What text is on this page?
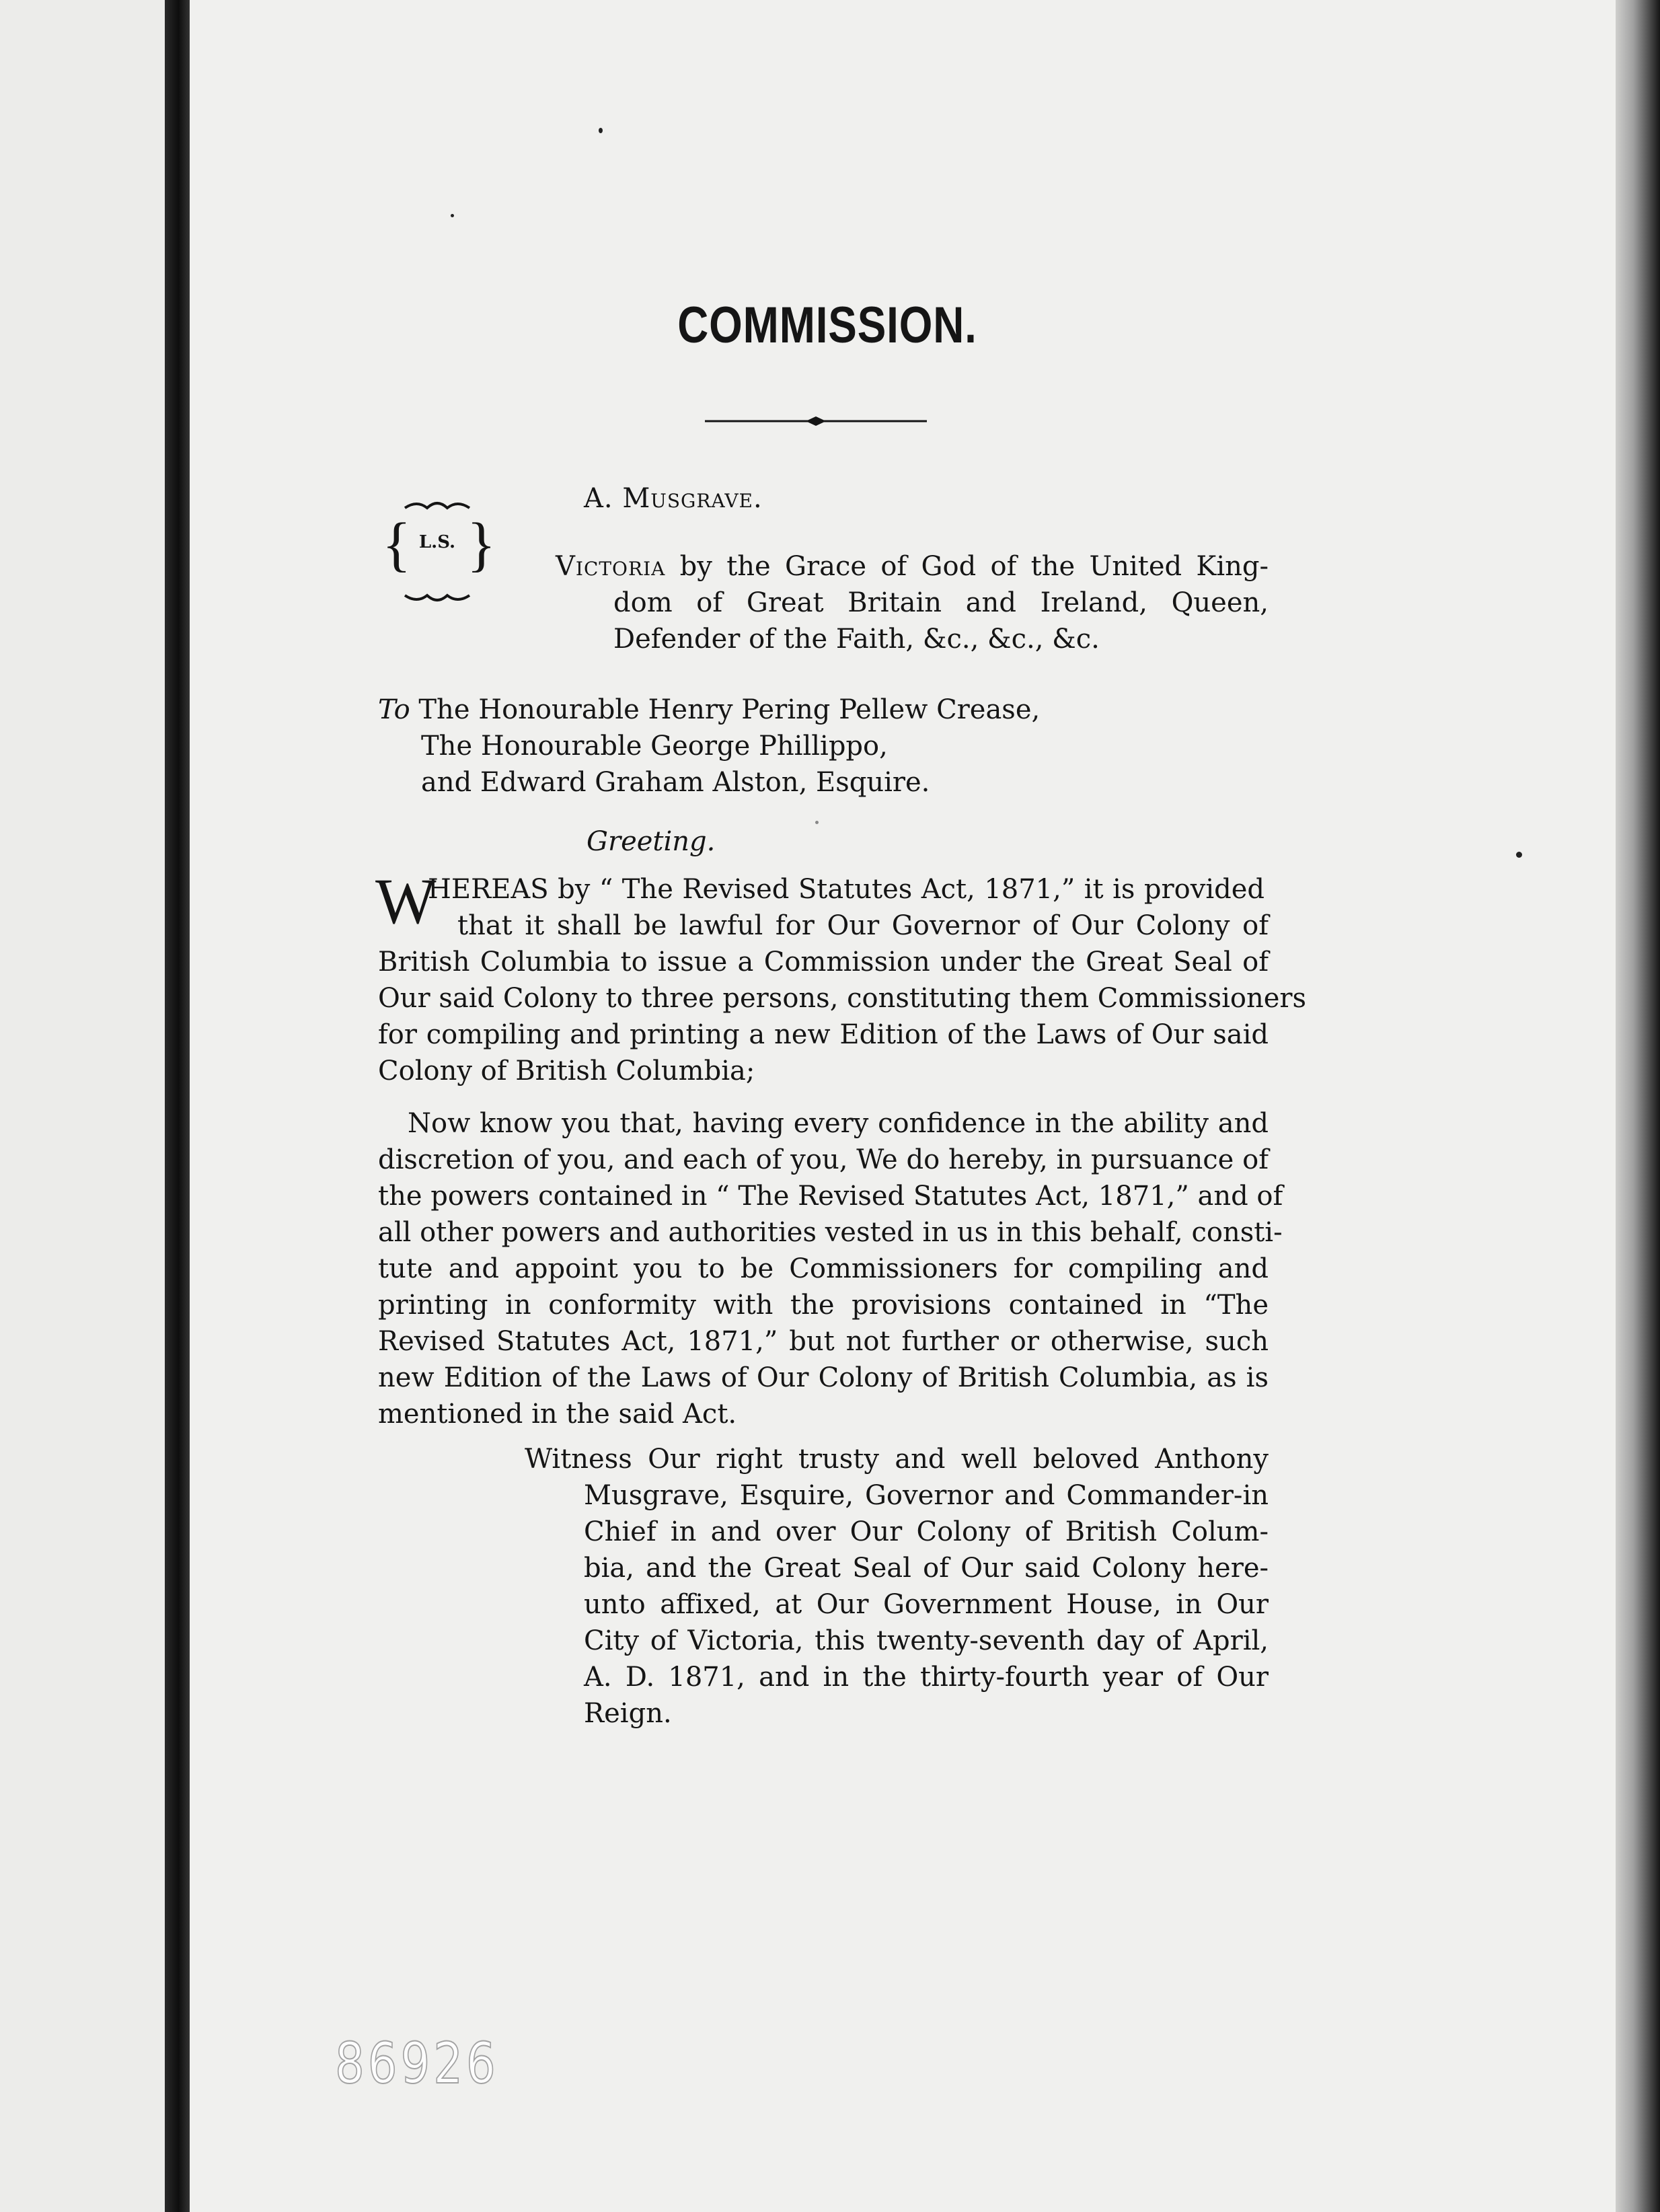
COMMISSION.
{ }

L.S.

A. Musgrave.

Victoria by the Grace of God of the United King-

dom of Great Britain and Ireland, Queen,

Defender of the Faith, &c., &c., &c.

To The Honourable Henry Pering Pellew Crease,

The Honourable George Phillippo,

and Edward Graham Alston, Esquire.

Greeting.

W

HEREAS by “ The Revised Statutes Act, 1871,” it is provided

that it shall be lawful for Our Governor of Our Colony of

British Columbia to issue a Commission under the Great Seal of

Our said Colony to three persons, constituting them Commissioners

for compiling and printing a new Edition of the Laws of Our said

Colony of British Columbia;

Now know you that, having every confidence in the ability and

discretion of you, and each of you, We do hereby, in pursuance of

the powers contained in “ The Revised Statutes Act, 1871,” and of

all other powers and authorities vested in us in this behalf, consti-

tute and appoint you to be Commissioners for compiling and

printing in conformity with the provisions contained in “The

Revised Statutes Act, 1871,” but not further or otherwise, such

new Edition of the Laws of Our Colony of British Columbia, as is

mentioned in the said Act.

Witness Our right trusty and well beloved Anthony

Musgrave, Esquire, Governor and Commander-in

Chief in and over Our Colony of British Colum-

bia, and the Great Seal of Our said Colony here-

unto affixed, at Our Government House, in Our

City of Victoria, this twenty-seventh day of April,

A. D. 1871, and in the thirty-fourth year of Our

Reign.

86926
